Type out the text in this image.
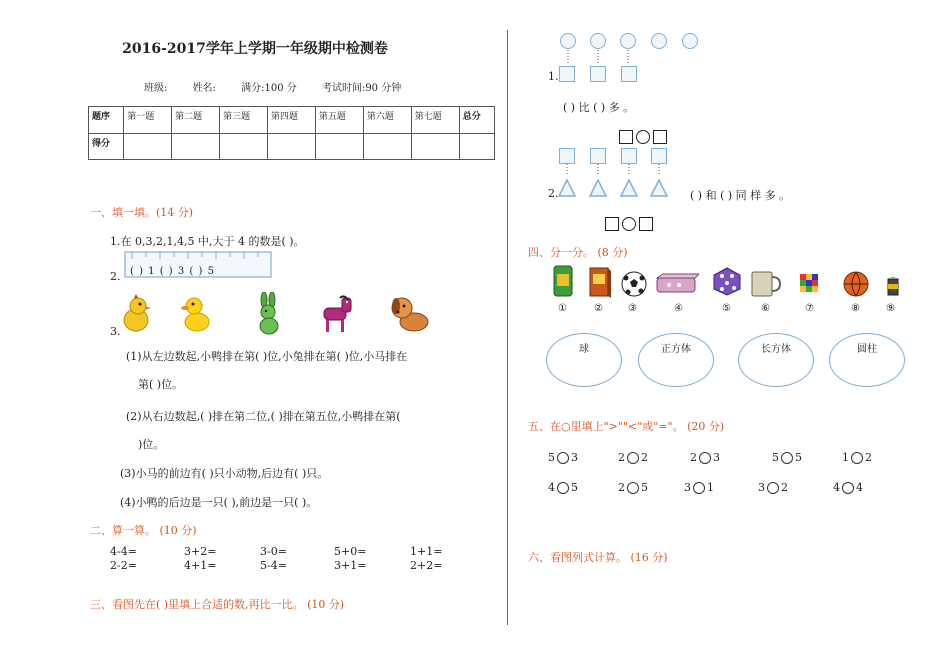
2016-2017学年上学期一年级期中检测卷
班级:	姓名:	满分:100 分	考试时间:90 分钟
题序	第一题	第二题	第三题	第四题	第五题	第六题	第七题	总分
得分								
一、填一填。(14 分)
1.在 0,3,2,1,4,5 中,大于 4 的数是( )。
2. ( ) 1 ( ) 3 ( ) 5
3.
(1)从左边数起,小鸭排在第( )位,小兔排在第( )位,小马排在
第( )位。
(2)从右边数起,( )排在第二位,( )排在第五位,小鸭排在第(
)位。
(3)小马的前边有( )只小动物,后边有( )只。
(4)小鸭的后边是一只( ),前边是一只( )。
二、算一算。 (10 分)
4-4=	3+2=	3-0=	5+0=	1+1=
2-2=	4+1=	5-4=	3+1=	2+2=
三、看图先在( )里填上合适的数,再比一比。 (10 分)
1.
( ) 比 ( ) 多 。
2.	( ) 和 ( ) 同 样 多 。
四、分一分。 (8 分)
①	②	③	④	⑤	⑥	⑦	⑧	⑨
球	正方体	长方体	圆柱
五、在○里填上">""<"或"="。 (20 分)
5 3	2 2	2 3	5 5	1 2
4 5	2 5	3 1	3 2	4 4
六、看图列式计算。 (16 分)
